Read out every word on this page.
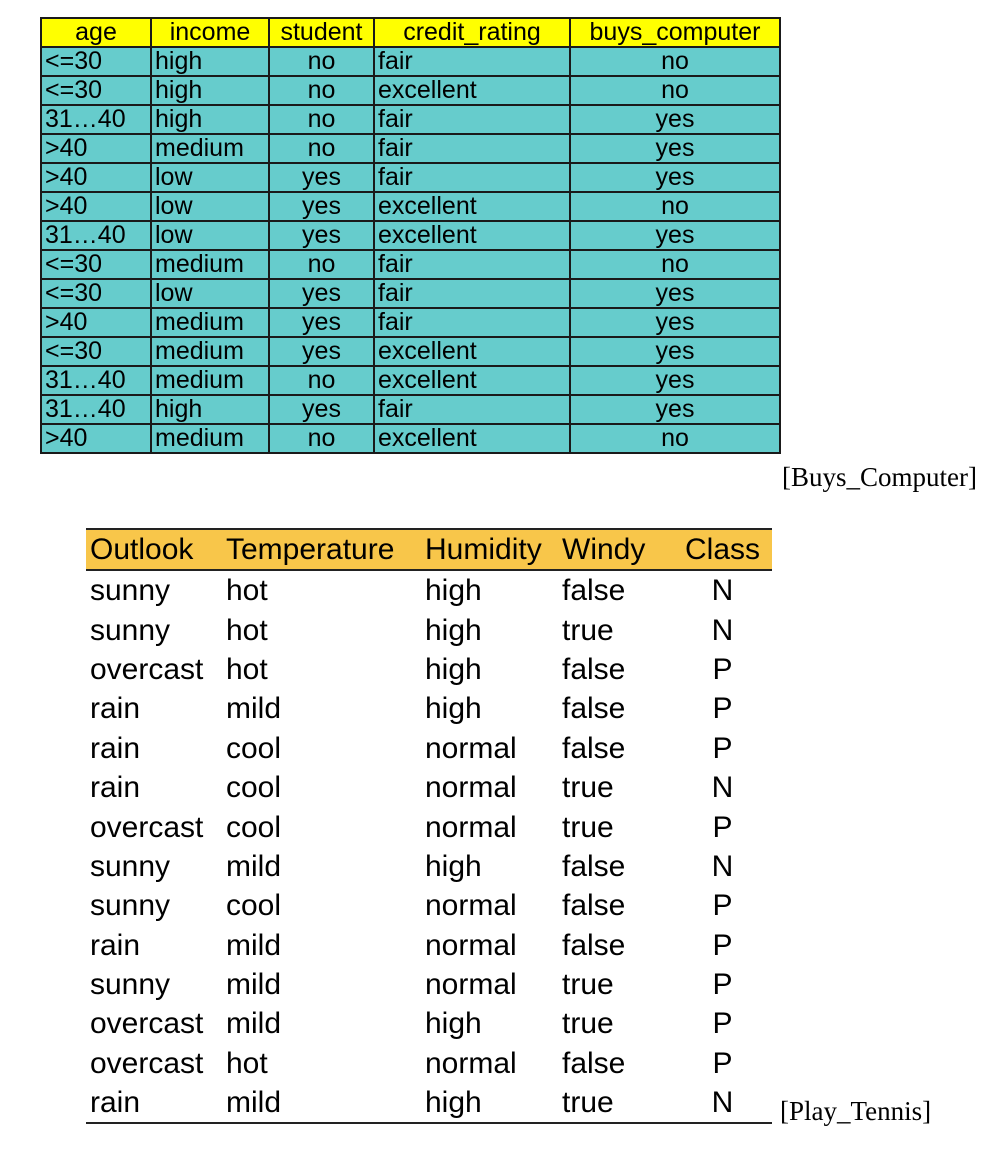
age	income	student	credit_rating	buys_computer
<=30	high	no	fair	no
<=30	high	no	excellent	no
31…40	high	no	fair	yes
>40	medium	no	fair	yes
>40	low	yes	fair	yes
>40	low	yes	excellent	no
31…40	low	yes	excellent	yes
<=30	medium	no	fair	no
<=30	low	yes	fair	yes
>40	medium	yes	fair	yes
<=30	medium	yes	excellent	yes
31…40	medium	no	excellent	yes
31…40	high	yes	fair	yes
>40	medium	no	excellent	no
[Buys_Computer]
Outlook	Temperature	Humidity	Windy	Class
sunny	hot	high	false	N
sunny	hot	high	true	N
overcast	hot	high	false	P
rain	mild	high	false	P
rain	cool	normal	false	P
rain	cool	normal	true	N
overcast	cool	normal	true	P
sunny	mild	high	false	N
sunny	cool	normal	false	P
rain	mild	normal	false	P
sunny	mild	normal	true	P
overcast	mild	high	true	P
overcast	hot	normal	false	P
rain	mild	high	true	N [Play_Tennis]
